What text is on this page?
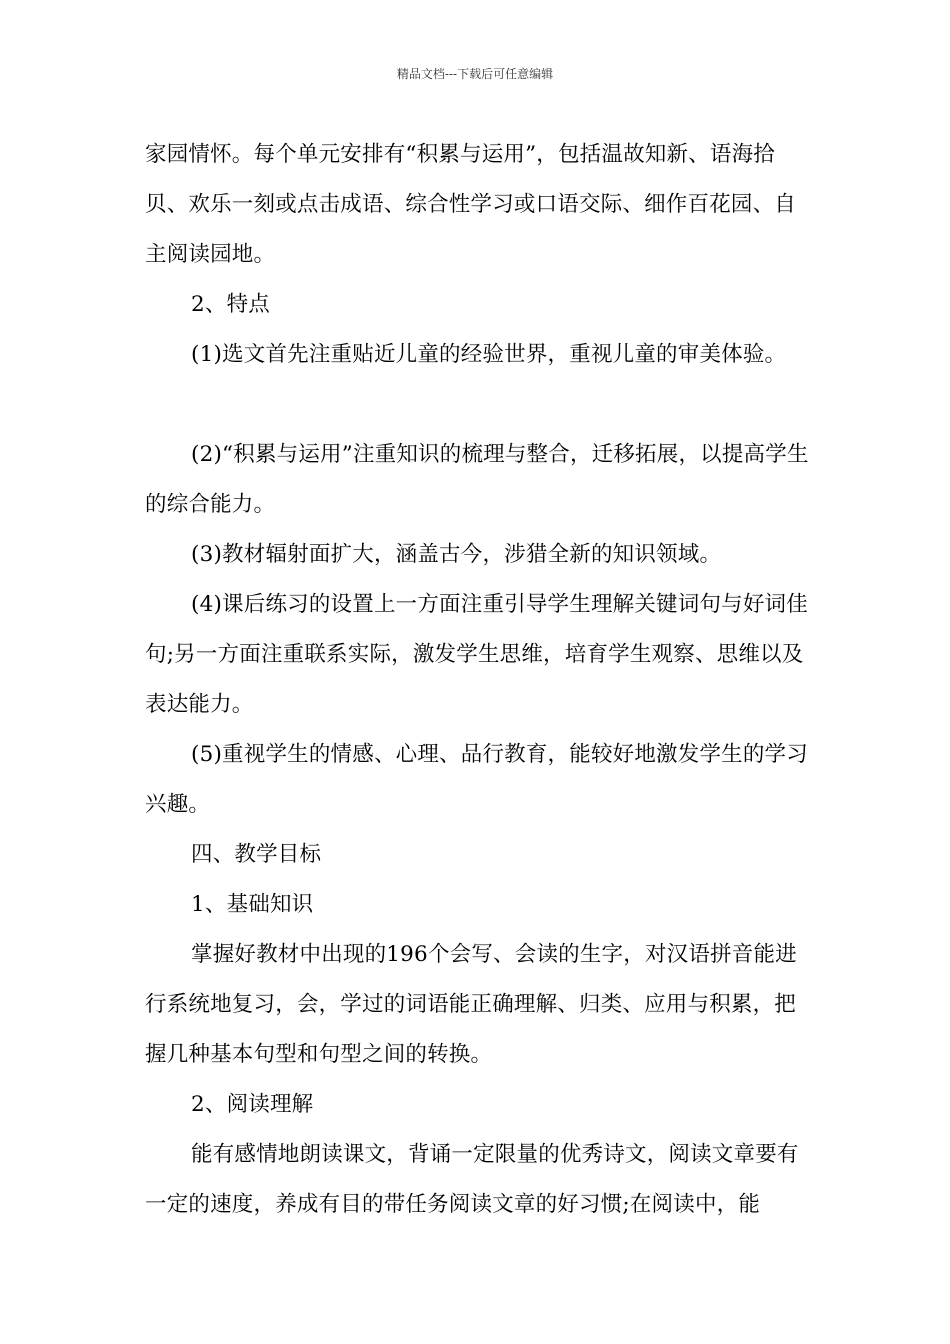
精品文档---下载后可任意编辑

家园情怀。每个单元安排有“积累与运用”，包括温故知新、语海拾贝、欢乐一刻或点击成语、综合性学习或口语交际、细作百花园、自主阅读园地。

2、特点

(1)选文首先注重贴近儿童的经验世界，重视儿童的审美体验。

(2)“积累与运用”注重知识的梳理与整合，迁移拓展，以提高学生的综合能力。

(3)教材辐射面扩大，涵盖古今，涉猎全新的知识领域。

(4)课后练习的设置上一方面注重引导学生理解关键词句与好词佳句;另一方面注重联系实际，激发学生思维，培育学生观察、思维以及表达能力。

(5)重视学生的情感、心理、品行教育，能较好地激发学生的学习兴趣。

四、教学目标

1、基础知识

掌握好教材中出现的196个会写、会读的生字，对汉语拼音能进行系统地复习，会，学过的词语能正确理解、归类、应用与积累，把握几种基本句型和句型之间的转换。

2、阅读理解

能有感情地朗读课文，背诵一定限量的优秀诗文，阅读文章要有一定的速度，养成有目的带任务阅读文章的好习惯;在阅读中，能
